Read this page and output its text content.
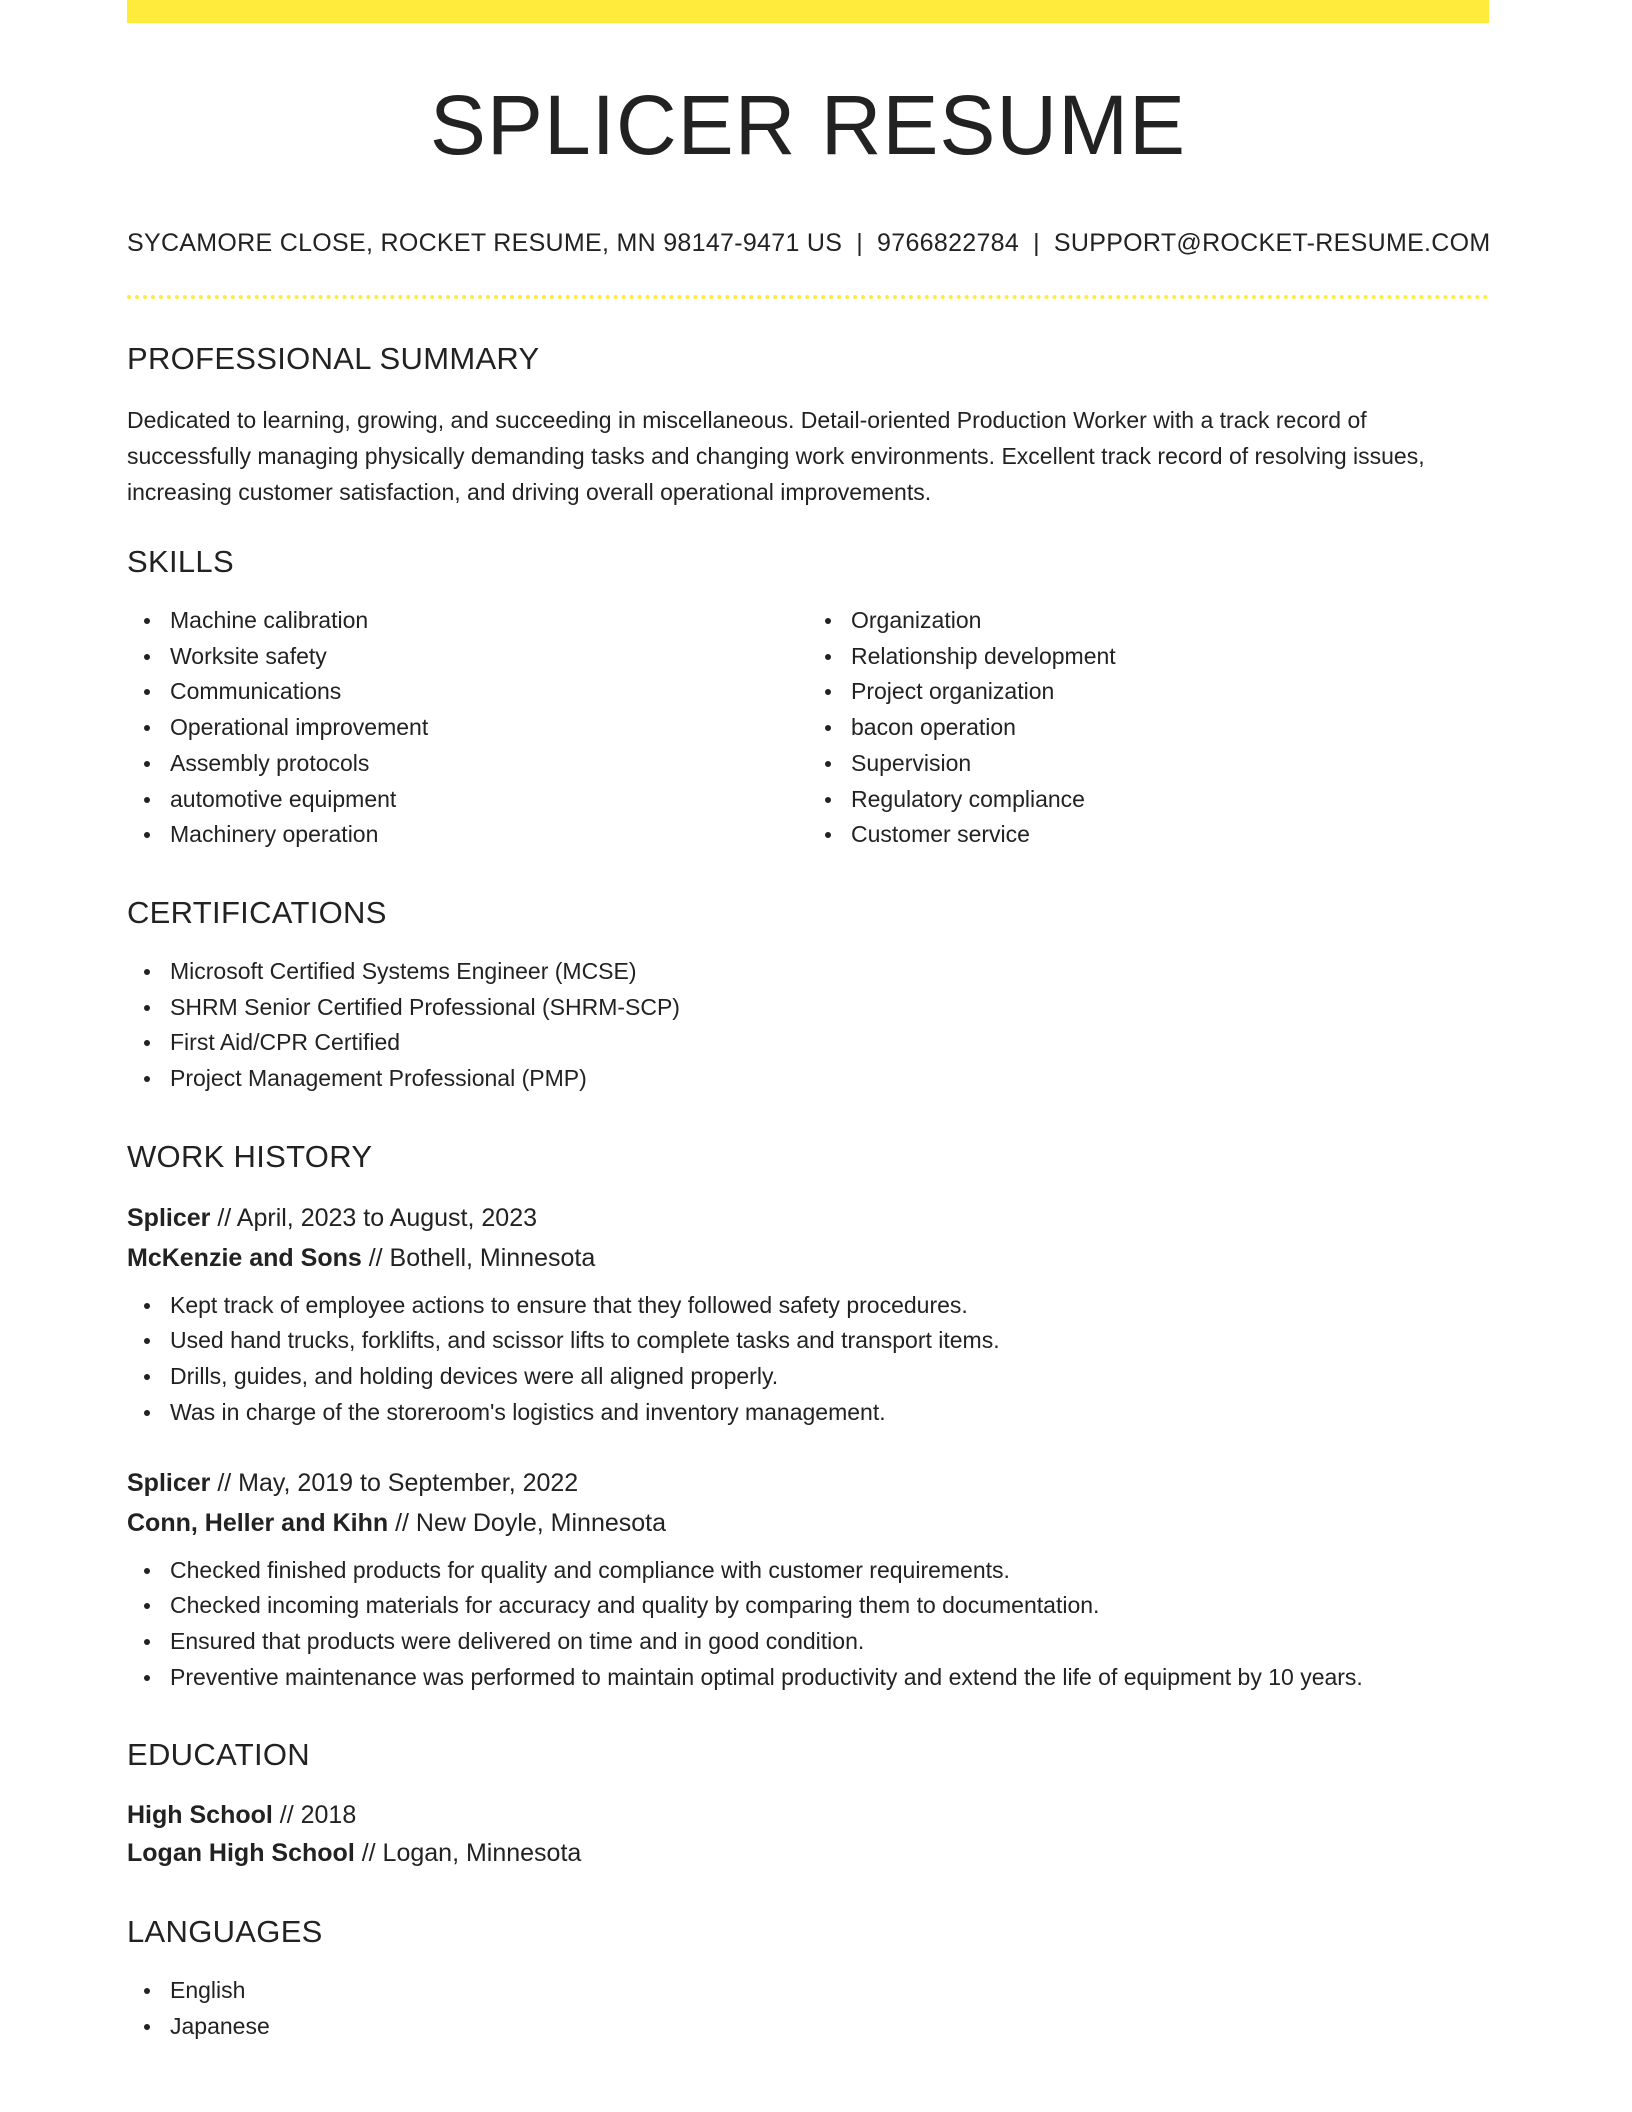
SPLICER RESUME
SYCAMORE CLOSE, ROCKET RESUME, MN 98147-9471 US | 9766822784 | SUPPORT@ROCKET-RESUME.COM
PROFESSIONAL SUMMARY

Dedicated to learning, growing, and succeeding in miscellaneous. Detail-oriented Production Worker with a track record of successfully managing physically demanding tasks and changing work environments. Excellent track record of resolving issues, increasing customer satisfaction, and driving overall operational improvements.

SKILLS
Machine calibration
Worksite safety
Communications
Operational improvement
Assembly protocols
automotive equipment
Machinery operation
Organization
Relationship development
Project organization
bacon operation
Supervision
Regulatory compliance
Customer service
CERTIFICATIONS
Microsoft Certified Systems Engineer (MCSE)
SHRM Senior Certified Professional (SHRM-SCP)
First Aid/CPR Certified
Project Management Professional (PMP)
WORK HISTORY
Splicer // April, 2023 to August, 2023
McKenzie and Sons // Bothell, Minnesota
Kept track of employee actions to ensure that they followed safety procedures.
Used hand trucks, forklifts, and scissor lifts to complete tasks and transport items.
Drills, guides, and holding devices were all aligned properly.
Was in charge of the storeroom's logistics and inventory management.
Splicer // May, 2019 to September, 2022
Conn, Heller and Kihn // New Doyle, Minnesota
Checked finished products for quality and compliance with customer requirements.
Checked incoming materials for accuracy and quality by comparing them to documentation.
Ensured that products were delivered on time and in good condition.
Preventive maintenance was performed to maintain optimal productivity and extend the life of equipment by 10 years.
EDUCATION
High School // 2018
Logan High School // Logan, Minnesota
LANGUAGES
English
Japanese
